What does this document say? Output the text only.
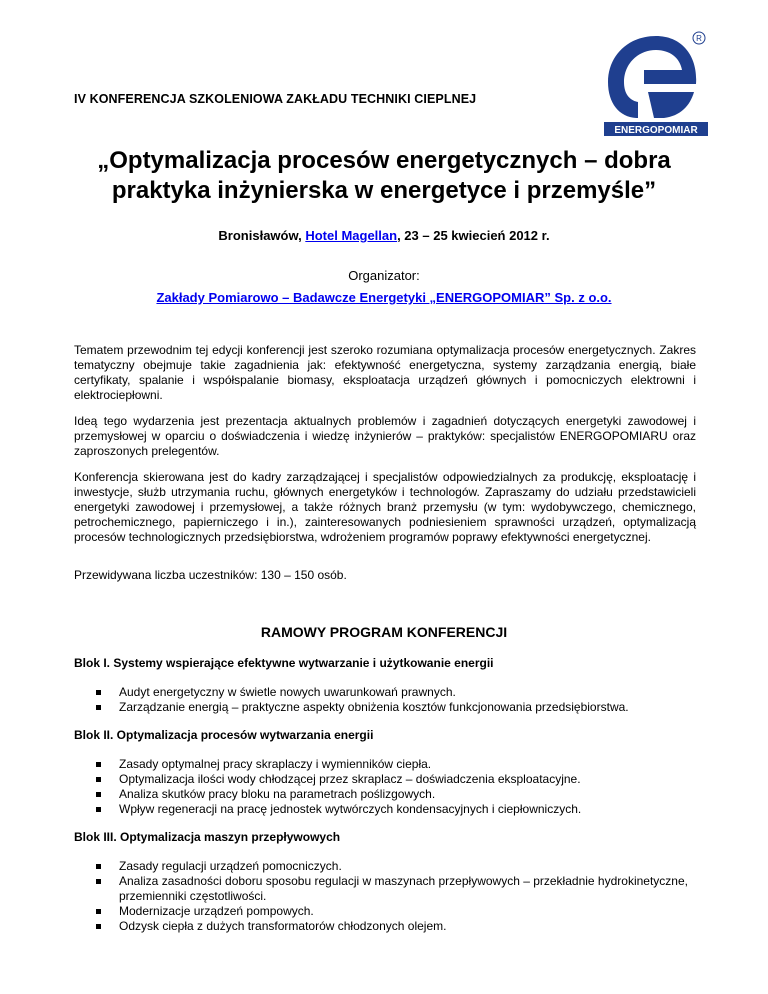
IV KONFERENCJA SZKOLENIOWA ZAKŁADU TECHNIKI CIEPLNEJ
R
ENERGOPOMIAR
„Optymalizacja procesów energetycznych – dobra
praktyka inżynierska w energetyce i przemyśle”
Bronisławów, Hotel Magellan, 23 – 25 kwiecień 2012 r.
Organizator:
Zakłady Pomiarowo – Badawcze Energetyki „ENERGOPOMIAR” Sp. z o.o.
Tematem przewodnim tej edycji konferencji jest szeroko rozumiana optymalizacja procesów energetycznych. Zakres tematyczny obejmuje takie zagadnienia jak: efektywność energetyczna, systemy zarządzania energią, białe certyfikaty, spalanie i współspalanie biomasy, eksploatacja urządzeń głównych i pomocniczych elektrowni i elektrociepłowni.
Ideą tego wydarzenia jest prezentacja aktualnych problemów i zagadnień dotyczących energetyki zawodowej i przemysłowej w oparciu o doświadczenia i wiedzę inżynierów – praktyków: specjalistów ENERGOPOMIARU oraz zaproszonych prelegentów.
Konferencja skierowana jest do kadry zarządzającej i specjalistów odpowiedzialnych za produkcję, eksploatację i inwestycje, służb utrzymania ruchu, głównych energetyków i technologów. Zapraszamy do udziału przedstawicieli energetyki zawodowej i przemysłowej, a także różnych branż przemysłu (w tym: wydobywczego, chemicznego, petrochemicznego, papierniczego i in.), zainteresowanych podniesieniem sprawności urządzeń, optymalizacją procesów technologicznych przedsiębiorstwa, wdrożeniem programów poprawy efektywności energetycznej.
Przewidywana liczba uczestników: 130 – 150 osób.
RAMOWY PROGRAM KONFERENCJI
Blok I. Systemy wspierające efektywne wytwarzanie i użytkowanie energii
Audyt energetyczny w świetle nowych uwarunkowań prawnych.
Zarządzanie energią – praktyczne aspekty obniżenia kosztów funkcjonowania przedsiębiorstwa.
Blok II. Optymalizacja procesów wytwarzania energii
Zasady optymalnej pracy skraplaczy i wymienników ciepła.
Optymalizacja ilości wody chłodzącej przez skraplacz – doświadczenia eksploatacyjne.
Analiza skutków pracy bloku na parametrach poślizgowych.
Wpływ regeneracji na pracę jednostek wytwórczych kondensacyjnych i ciepłowniczych.
Blok III. Optymalizacja maszyn przepływowych
Zasady regulacji urządzeń pomocniczych.
Analiza zasadności doboru sposobu regulacji w maszynach przepływowych – przekładnie hydrokinetyczne, przemienniki częstotliwości.
Modernizacje urządzeń pompowych.
Odzysk ciepła z dużych transformatorów chłodzonych olejem.
